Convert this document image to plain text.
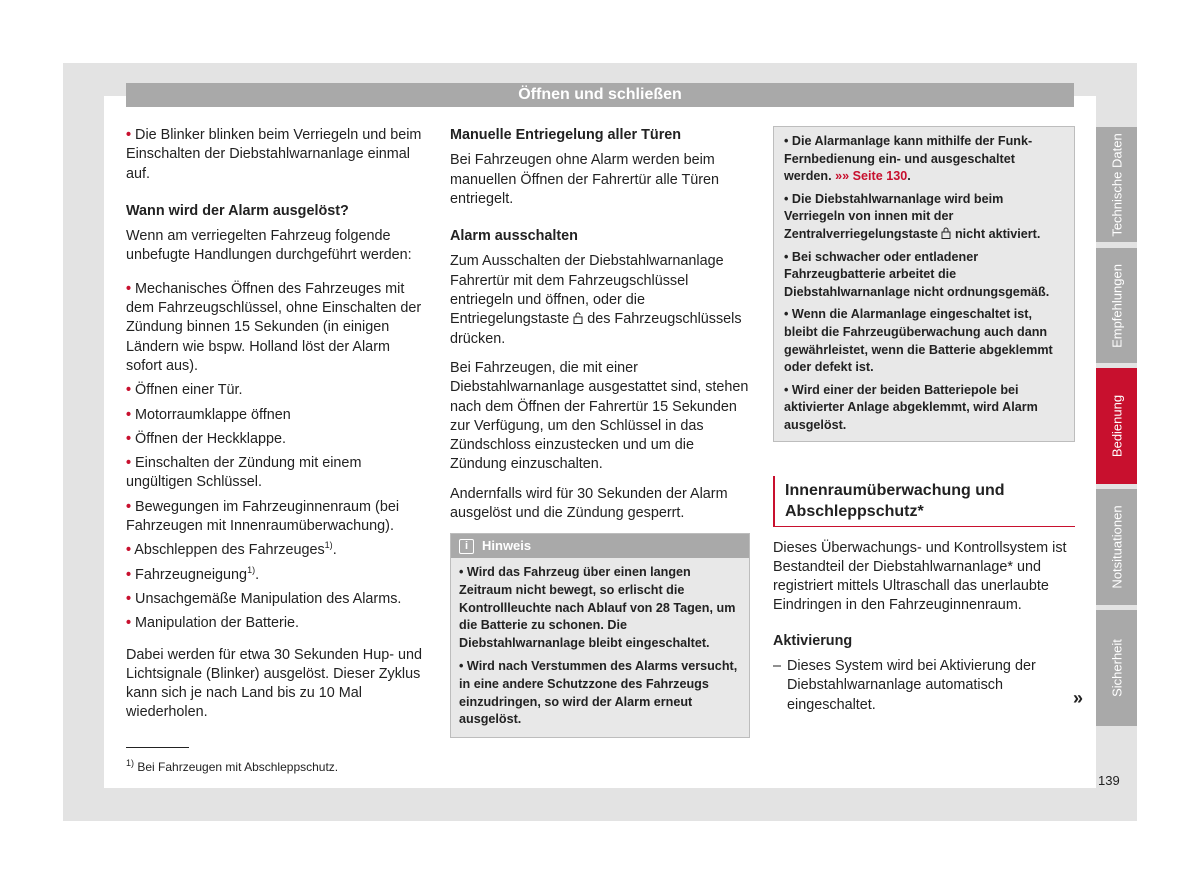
Öffnen und schließen
• Die Blinker blinken beim Verriegeln und beim Einschalten der Diebstahlwarnanlage einmal auf.
Wann wird der Alarm ausgelöst?
Wenn am verriegelten Fahrzeug folgende unbefugte Handlungen durchgeführt werden:
• Mechanisches Öffnen des Fahrzeuges mit dem Fahrzeugschlüssel, ohne Einschalten der Zündung binnen 15 Sekunden (in einigen Ländern wie bspw. Holland löst der Alarm sofort aus).
• Öffnen einer Tür.
• Motorraumklappe öffnen
• Öffnen der Heckklappe.
• Einschalten der Zündung mit einem ungültigen Schlüssel.
• Bewegungen im Fahrzeuginnenraum (bei Fahrzeugen mit Innenraumüberwachung).
• Abschleppen des Fahrzeuges$^{1)}$.
• Fahrzeugneigung$^{1)}$.
• Unsachgemäße Manipulation des Alarms.
• Manipulation der Batterie.
Dabei werden für etwa 30 Sekunden Hup- und Lichtsignale (Blinker) ausgelöst. Dieser Zyklus kann sich je nach Land bis zu 10 Mal wiederholen.
Manuelle Entriegelung aller Türen
Bei Fahrzeugen ohne Alarm werden beim manuellen Öffnen der Fahrertür alle Türen entriegelt.
Alarm ausschalten
Zum Ausschalten der Diebstahlwarnanlage Fahrertür mit dem Fahrzeugschlüssel entriegeln und öffnen, oder die Entriegelungstaste des Fahrzeugschlüssels drücken.
Bei Fahrzeugen, die mit einer Diebstahlwarnanlage ausgestattet sind, stehen nach dem Öffnen der Fahrertür 15 Sekunden zur Verfügung, um den Schlüssel in das Zündschloss einzustecken und um die Zündung einzuschalten.
Andernfalls wird für 30 Sekunden der Alarm ausgelöst und die Zündung gesperrt.
i	Hinweis
• Wird das Fahrzeug über einen langen Zeitraum nicht bewegt, so erlischt die Kontrollleuchte nach Ablauf von 28 Tagen, um die Batterie zu schonen. Die Diebstahlwarnanlage bleibt eingeschaltet.
• Wird nach Verstummen des Alarms versucht, in eine andere Schutzzone des Fahrzeugs einzudringen, so wird der Alarm erneut ausgelöst.
• Die Alarmanlage kann mithilfe der Funk-Fernbedienung ein- und ausgeschaltet werden. »» Seite 130.
• Die Diebstahlwarnanlage wird beim Verriegeln von innen mit der Zentralverriegelungstaste nicht aktiviert.
• Bei schwacher oder entladener Fahrzeugbatterie arbeitet die Diebstahlwarnanlage nicht ordnungsgemäß.
• Wenn die Alarmanlage eingeschaltet ist, bleibt die Fahrzeugüberwachung auch dann gewährleistet, wenn die Batterie abgeklemmt oder defekt ist.
• Wird einer der beiden Batteriepole bei aktivierter Anlage abgeklemmt, wird Alarm ausgelöst.
Innenraumüberwachung und Abschleppschutz*
Dieses Überwachungs- und Kontrollsystem ist Bestandteil der Diebstahlwarnanlage* und registriert mittels Ultraschall das unerlaubte Eindringen in den Fahrzeuginnenraum.
Aktivierung
– Dieses System wird bei Aktivierung der Diebstahlwarnanlage automatisch eingeschaltet.
$^{1)}$ Bei Fahrzeugen mit Abschleppschutz.
»
139
Technische Daten
Empfehlungen
Bedienung
Notsituationen
Sicherheit
